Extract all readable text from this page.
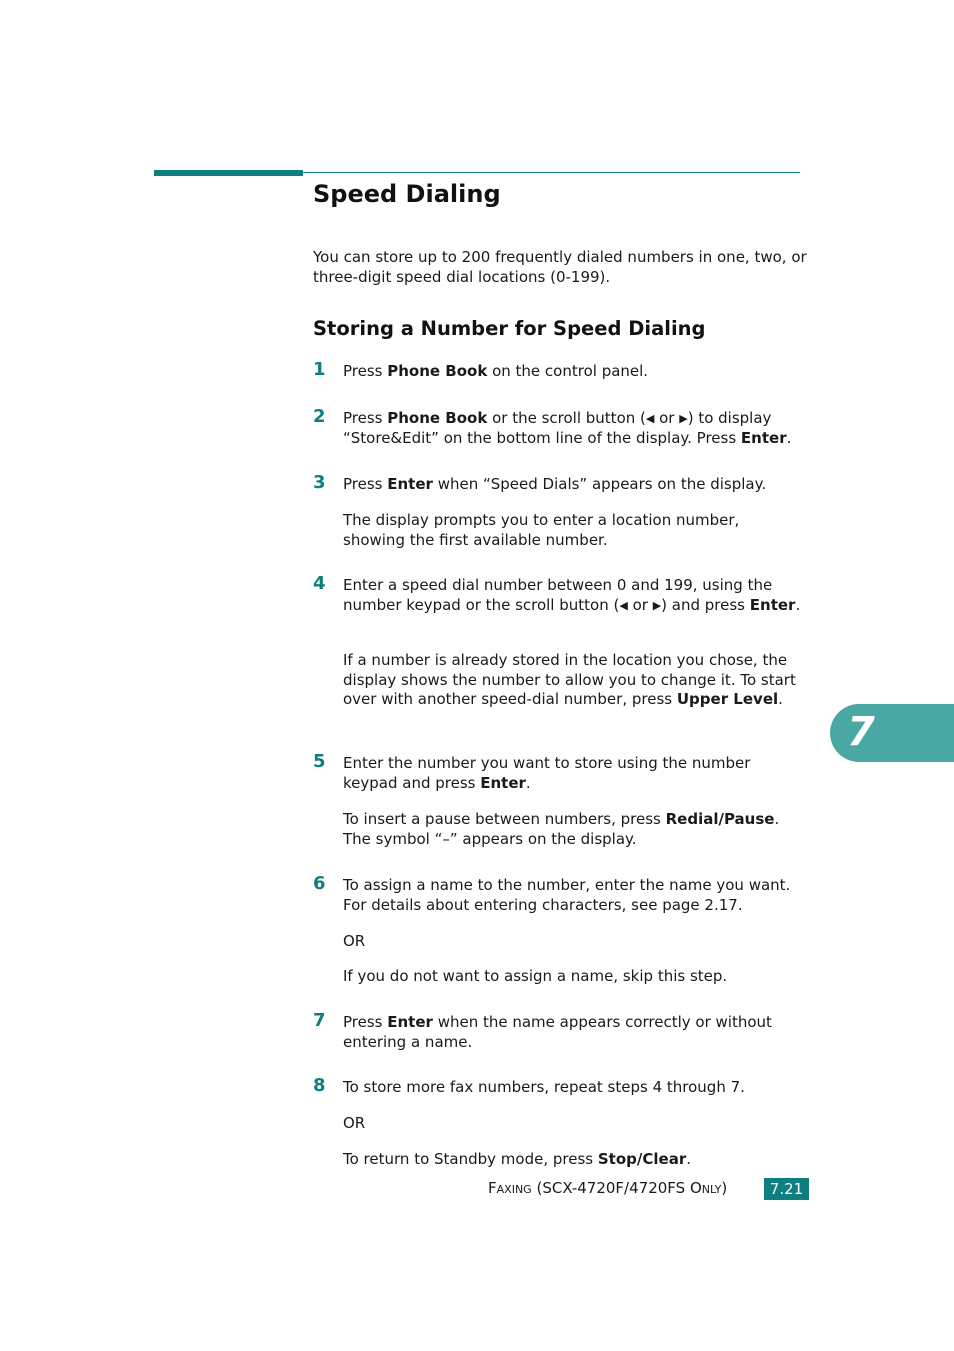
Speed Dialing

You can store up to 200 frequently dialed numbers in one, two, or three-digit speed dial locations (0-199).

Storing a Number for Speed Dialing
1 Press Phone Book on the control panel.

2 Press Phone Book or the scroll button (◀ or ▶) to display “Store&Edit” on the bottom line of the display. Press Enter.

3 Press Enter when “Speed Dials” appears on the display.

The display prompts you to enter a location number, showing the first available number.

4 Enter a speed dial number between 0 and 199, using the number keypad or the scroll button (◀ or ▶) and press Enter.

If a number is already stored in the location you chose, the display shows the number to allow you to change it. To start over with another speed-dial number, press Upper Level.

5 Enter the number you want to store using the number keypad and press Enter.

To insert a pause between numbers, press Redial/Pause. The symbol “–” appears on the display.

6 To assign a name to the number, enter the name you want. For details about entering characters, see page 2.17.

OR

If you do not want to assign a name, skip this step.

7 Press Enter when the name appears correctly or without entering a name.

8 To store more fax numbers, repeat steps 4 through 7.

OR

To return to Standby mode, press Stop/Clear.

7
FAXING (SCX-4720F/4720FS ONLY)	7.21
